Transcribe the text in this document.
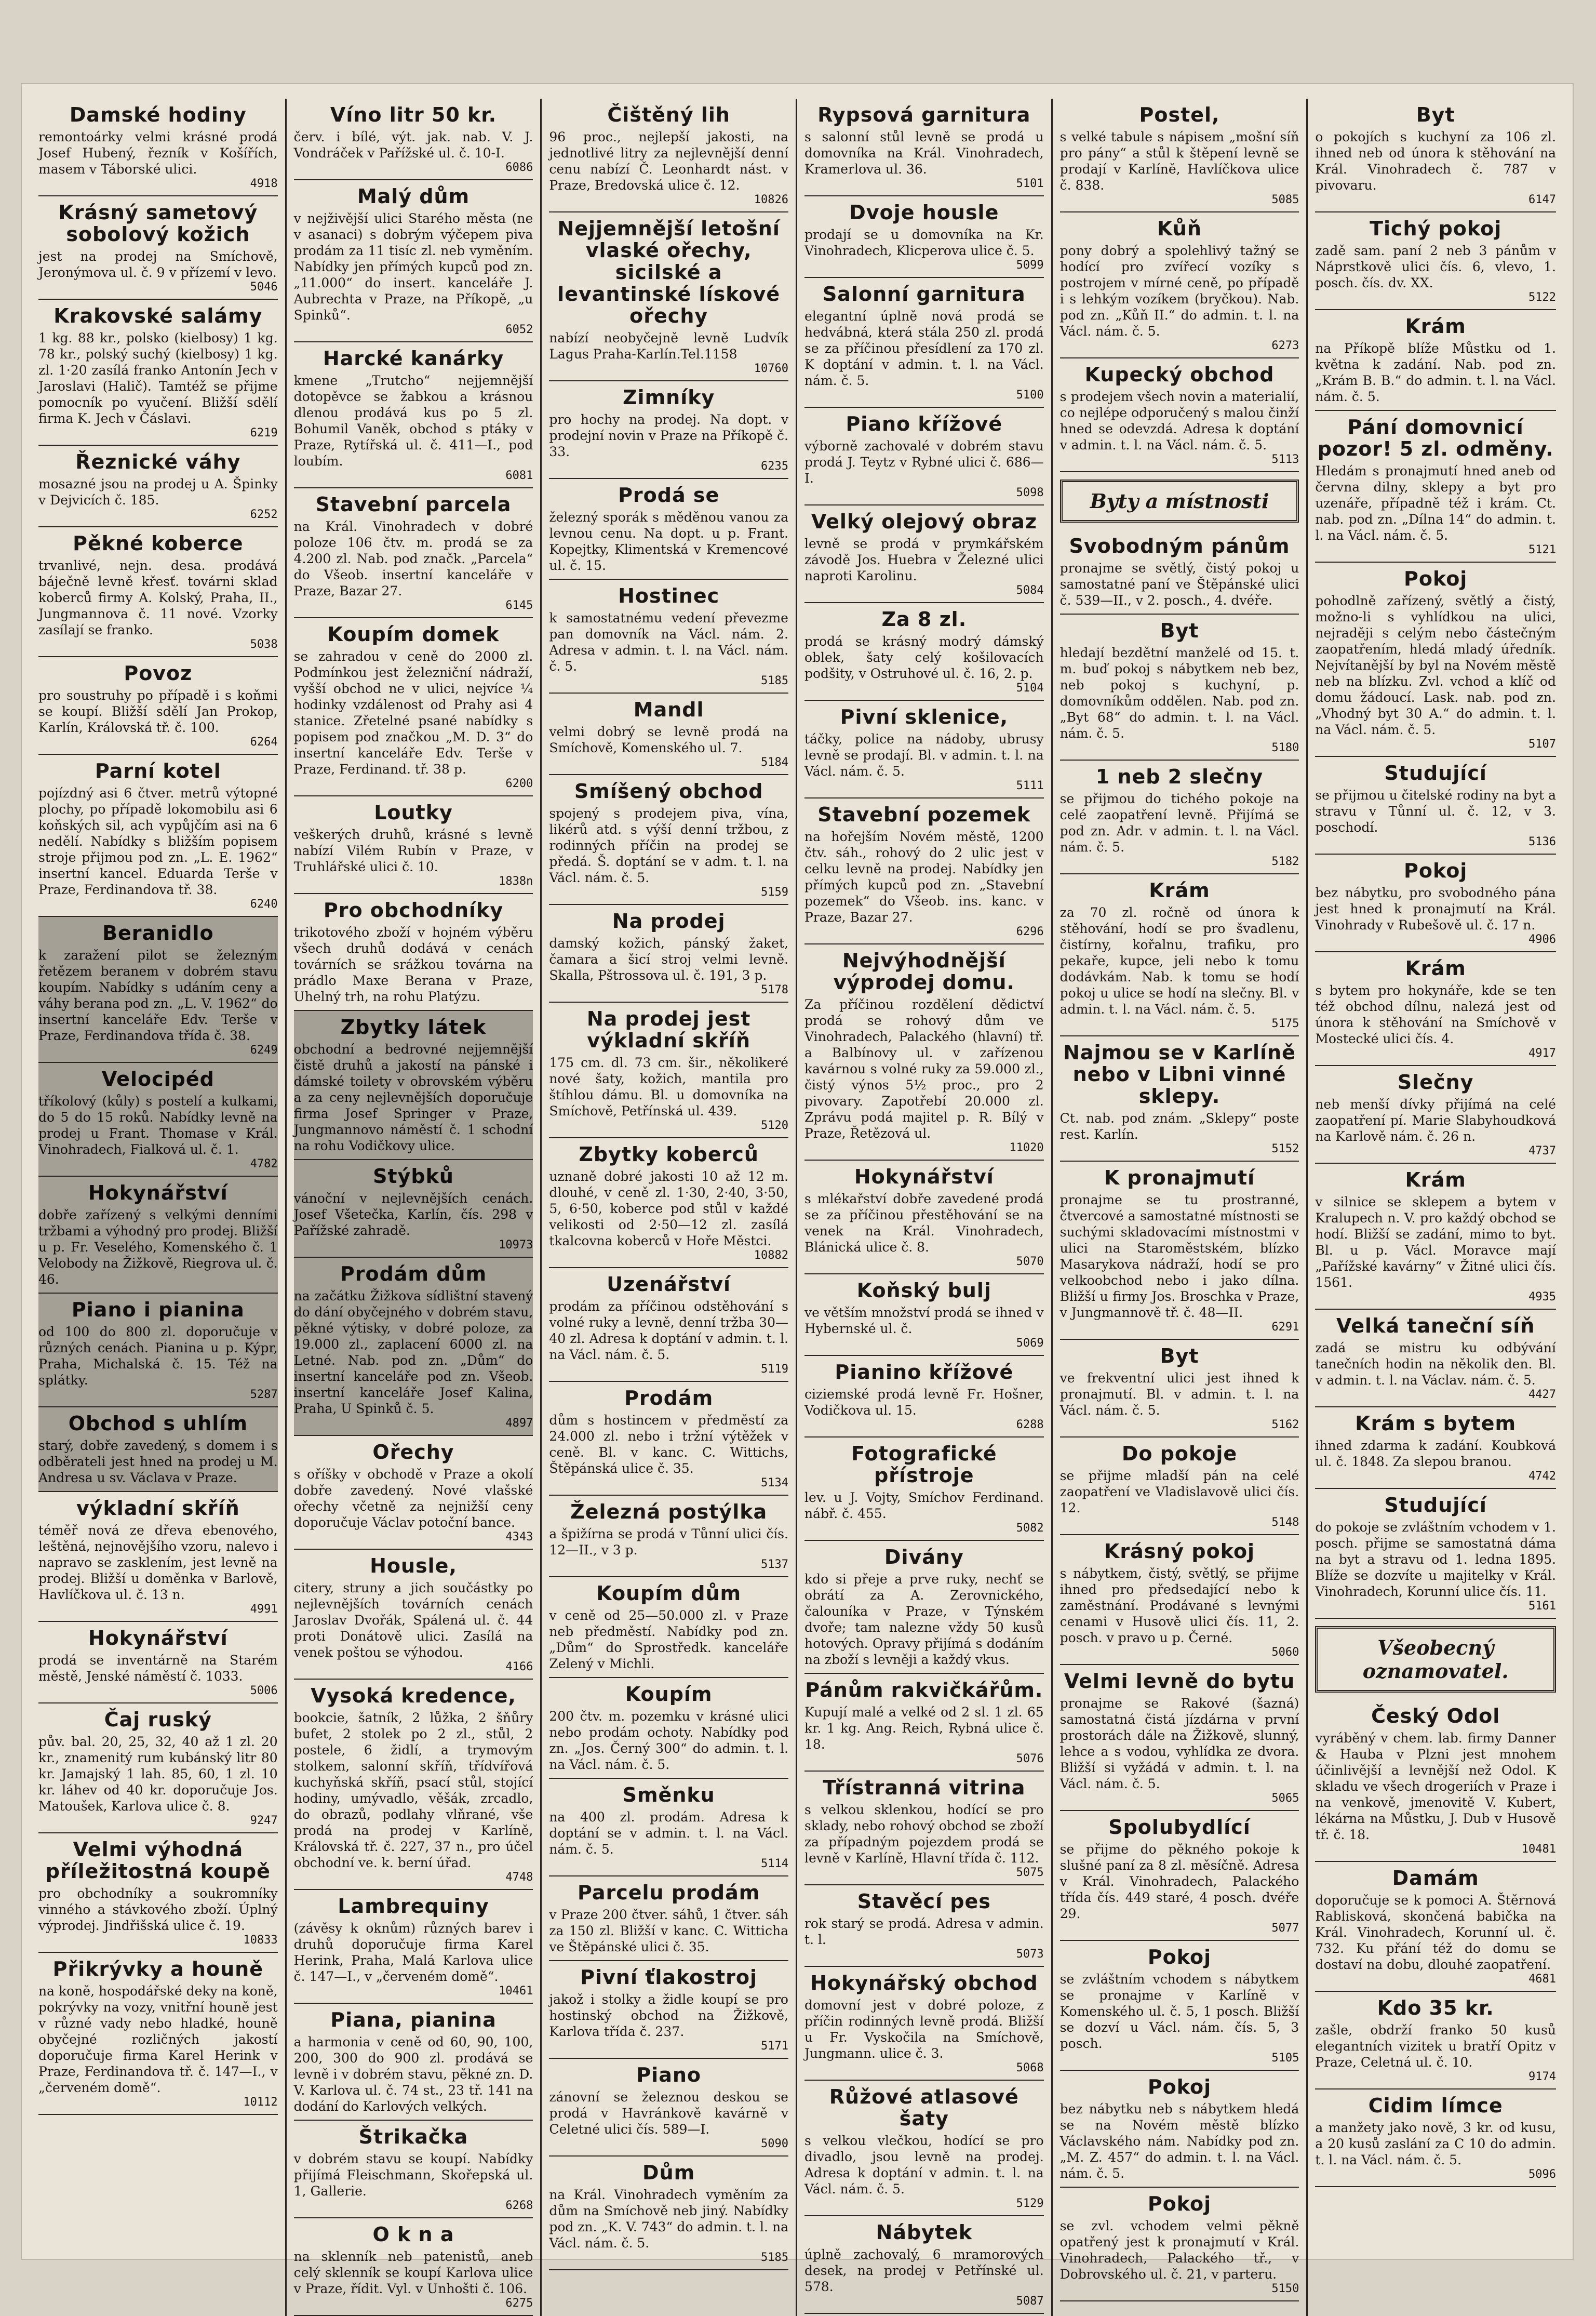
Damské hodiny
remontoárky velmi krásné prodá Josef Hubený, řezník v Košířích, masem v Táborské ulici.
4918
Krásný sametový sobolový kožich
jest na prodej na Smíchově, Jeronýmova ul. č. 9 v přízemí v levo.
5046
Krakovské salámy
1 kg. 88 kr., polsko (kielbosy) 1 kg. 78 kr., polský suchý (kielbosy) 1 kg. zl. 1·20 zasílá franko Antonín Jech v Jaroslavi (Halič). Tamtéž se přijme pomocník po vyučení. Bližší sdělí firma K. Jech v Čáslavi.
6219
Řeznické váhy
mosazné jsou na prodej u A. Špinky v Dejvicích č. 185.
6252
Pěkné koberce
trvanlivé, nejn. desa. prodává báječně levně křesť. továrni sklad koberců firmy A. Kolský, Praha, II., Jungmannova č. 11 nové. Vzorky zasílají se franko.
5038
Povoz
pro soustruhy po případě i s koňmi se koupí. Bližší sdělí Jan Prokop, Karlín, Královská tř. č. 100.
6264
Parní kotel
pojízdný asi 6 čtver. metrů výtopné plochy, po případě lokomobilu asi 6 koňských sil, ach vypůjčím asi na 6 nedělí. Nabídky s bližším popisem stroje přijmou pod zn. „L. E. 1962“ insertní kancel. Eduarda Terše v Praze, Ferdinandova tř. 38.
6240
Beranidlo
k zaražení pilot se železným řetězem beranem v dobrém stavu koupím. Nabídky s udáním ceny a váhy berana pod zn. „L. V. 1962“ do insertní kanceláře Edv. Terše v Praze, Ferdinandova třída č. 38.
6249
Velocipéd
tříkolový (kůly) s postelí a kulkami, do 5 do 15 roků. Nabídky levně na prodej u Frant. Thomase v Král. Vinohradech, Fialková ul. č. 1.
4782
Hokynářství
dobře zařízený s velkými denními tržbami a výhodný pro prodej. Bližší u p. Fr. Veselého, Komenského č. 1 Velobody na Žižkově, Riegrova ul. č. 46.
Piano i pianina
od 100 do 800 zl. doporučuje v různých cenách. Pianina u p. Kýpr, Praha, Michalská č. 15. Též na splátky.
5287
Obchod s uhlím
starý, dobře zavedený, s domem i s odběrateli jest hned na prodej u M. Andresa u sv. Václava v Praze.
výkladní skříň
téměř nová ze dřeva ebenového, leštěná, nejnovějšího vzoru, nalevo i napravo se zasklením, jest levně na prodej. Bližší u doměnka v Barlově, Havlíčkova ul. č. 13 n.
4991
Hokynářství
prodá se inventárně na Starém městě, Jenské náměstí č. 1033.
5006
Čaj ruský
pův. bal. 20, 25, 32, 40 až 1 zl. 20 kr., znamenitý rum kubánský litr 80 kr. Jamajský 1 lah. 85, 60, 1 zl. 10 kr. láhev od 40 kr. doporučuje Jos. Matoušek, Karlova ulice č. 8.
9247
Velmi výhodná příležitostná koupě
pro obchodníky a soukromníky vinného a stávkového zboží. Úplný výprodej. Jindřišská ulice č. 19.
10833
Přikrývky a houně
na koně, hospodářské deky na koně, pokrývky na vozy, vnitřní houně jest v různé vady nebo hladké, houně obyčejné rozličných jakostí doporučuje firma Karel Herink v Praze, Ferdinandova tř. č. 147—I., v „červeném domě“.
10112
Víno litr 50 kr.
červ. i bílé, výt. jak. nab. V. J. Vondráček v Pařížské ul. č. 10-I.
6086
Malý dům
v nejživější ulici Starého města (ne v asanaci) s dobrým výčepem piva prodám za 11 tisíc zl. neb vyměním. Nabídky jen přímých kupců pod zn. „11.000“ do insert. kanceláře J. Aubrechta v Praze, na Příkopě, „u Spinků“.
6052
Harcké kanárky
kmene „Trutcho“ nejjemnější dotopěvce se žabkou a krásnou dlenou prodává kus po 5 zl. Bohumil Vaněk, obchod s ptáky v Praze, Rytířská ul. č. 411—I., pod loubím.
6081
Stavební parcela
na Král. Vinohradech v dobré poloze 106 čtv. m. prodá se za 4.200 zl. Nab. pod značk. „Parcela“ do Všeob. insertní kanceláře v Praze, Bazar 27.
6145
Koupím domek
se zahradou v ceně do 2000 zl. Podmínkou jest železniční nádraží, vyšší obchod ne v ulici, nejvíce ¼ hodinky vzdálenost od Prahy asi 4 stanice. Zřetelné psané nabídky s popisem pod značkou „M. D. 3“ do insertní kanceláře Edv. Terše v Praze, Ferdinand. tř. 38 p.
6200
Loutky
veškerých druhů, krásné s levně nabízí Vilém Rubín v Praze, v Truhlářské ulici č. 10.
1838n
Pro obchodníky
trikotového zboží v hojném výběru všech druhů dodává v cenách továrních se srážkou továrna na prádlo Maxe Berana v Praze, Uhelný trh, na rohu Platýzu.
Zbytky látek
obchodní a bedrovné nejjemnější čistě druhů a jakostí na pánské i dámské toilety v obrovském výběru a za ceny nejlevnějších doporučuje firma Josef Springer v Praze, Jungmannovo náměstí č. 1 schodní na rohu Vodičkovy ulice.
Stýbků
vánoční v nejlevnějších cenách. Josef Všetečka, Karlín, čís. 298 v Pařížské zahradě.
10973
Prodám dům
na začátku Žižkova sídlištní stavený do dání obyčejného v dobrém stavu, pěkné výtisky, v dobré poloze, za 19.000 zl., zaplacení 6000 zl. na Letné. Nab. pod zn. „Dům“ do insertní kanceláře pod zn. Všeob. insertní kanceláře Josef Kalina, Praha, U Spinků č. 5.
4897
Ořechy
s oříšky v obchodě v Praze a okolí dobře zavedený. Nové vlašské ořechy včetně za nejnižší ceny doporučuje Václav potoční bance.
4343
Housle,
citery, struny a jich součástky po nejlevnějších továrních cenách Jaroslav Dvořák, Spálená ul. č. 44 proti Donátově ulici. Zasílá na venek poštou se výhodou.
4166
Vysoká kredence,
bookcie, šatník, 2 lůžka, 2 šňůry bufet, 2 stolek po 2 zl., stůl, 2 postele, 6 židlí, a trymovým stolkem, salonní skříň, třídvířová kuchyňská skříň, psací stůl, stojící hodiny, umývadlo, věšák, zrcadlo, do obrazů, podlahy vlňrané, vše prodá na prodej v Karlíně, Královská tř. č. 227, 37 n., pro účel obchodní ve. k. berní úřad.
4748
Lambrequiny
(závěsy k oknům) různých barev i druhů doporučuje firma Karel Herink, Praha, Malá Karlova ulice č. 147—I., v „červeném domě“.
10461
Piana, pianina
a harmonia v ceně od 60, 90, 100, 200, 300 do 900 zl. prodává se levně i v dobrém stavu, pěkné zn. D. V. Karlova ul. č. 74 st., 23 tř. 141 na dodání do Karlových velkých.
Štrikačka
v dobrém stavu se koupí. Nabídky přijímá Fleischmann, Skořepská ul. 1, Gallerie.
6268
O k n a
na sklenník neb patenistů, aneb celý sklenník se koupí Karlova ulice v Praze, řídit. Vyl. v Unhošti č. 106.
6275
Čištěný lih
96 proc., nejlepší jakosti, na jednotlivé litry za nejlevnější denní cenu nabízí Č. Leonhardt nást. v Praze, Bredovská ulice č. 12.
10826
Nejjemnější letošní vlaské ořechy, sicilské a levantinské lískové ořechy
nabízí neobyčejně levně Ludvík Lagus Praha-Karlín.Tel.1158
10760
Zimníky
pro hochy na prodej. Na dopt. v prodejní novin v Praze na Příkopě č. 33.
6235
Prodá se
železný sporák s měděnou vanou za levnou cenu. Na dopt. u p. Frant. Kopejtky, Klimentská v Kremencové ul. č. 15.
Hostinec
k samostatnému vedení převezme pan domovník na Václ. nám. 2. Adresa v admin. t. l. na Václ. nám. č. 5.
5185
Mandl
velmi dobrý se levně prodá na Smíchově, Komenského ul. 7.
5184
Smíšený obchod
spojený s prodejem piva, vína, likérů atd. s výší denní tržbou, z rodinných příčin na prodej se předá. Š. doptání se v adm. t. l. na Václ. nám. č. 5.
5159
Na prodej
damský kožich, pánský žaket, čamara a šicí stroj velmi levně. Skalla, Pštrossova ul. č. 191, 3 p.
5178
Na prodej jest výkladní skříň
175 cm. dl. 73 cm. šir., několikeré nové šaty, kožich, mantila pro štíhlou dámu. Bl. u domovníka na Smíchově, Petřínská ul. 439.
5120
Zbytky koberců
uznaně dobré jakosti 10 až 12 m. dlouhé, v ceně zl. 1·30, 2·40, 3·50, 5, 6·50, koberce pod stůl v každé velikosti od 2·50—12 zl. zasílá tkalcovna koberců v Hoře Městci.
10882
Uzenářství
prodám za příčinou odstěhování s volné ruky a levně, denní tržba 30—40 zl. Adresa k doptání v admin. t. l. na Václ. nám. č. 5.
5119
Prodám
dům s hostincem v předměstí za 24.000 zl. nebo i tržní výtěžek v ceně. Bl. v kanc. C. Wittichs, Štěpánská ulice č. 35.
5134
Železná postýlka
a špižírna se prodá v Tůnní ulici čís. 12—II., v 3 p.
5137
Koupím dům
v ceně od 25—50.000 zl. v Praze neb předměstí. Nabídky pod zn. „Dům“ do Sprostředk. kanceláře Zelený v Michli.
Koupím
200 čtv. m. pozemku v krásné ulici nebo prodám ochoty. Nabídky pod zn. „Jos. Černý 300“ do admin. t. l. na Václ. nám. č. 5.
Směnku
na 400 zl. prodám. Adresa k doptání se v admin. t. l. na Václ. nám. č. 5.
5114
Parcelu prodám
v Praze 200 čtver. sáhů, 1 čtver. sáh za 150 zl. Bližší v kanc. C. Witticha ve Štěpánské ulici č. 35.
Pivní ťlakostroj
jakož i stolky a židle koupí se pro hostinský obchod na Žižkově, Karlova třída č. 237.
5171
Piano
zánovní se železnou deskou se prodá v Havránkově kavárně v Celetné ulici čís. 589—I.
5090
Dům
na Král. Vinohradech vyměním za dům na Smíchově neb jiný. Nabídky pod zn. „K. V. 743“ do admin. t. l. na Václ. nám. č. 5.
5185
Rypsová garnitura
s salonní stůl levně se prodá u domovníka na Král. Vinohradech, Kramerlova ul. 36.
5101
Dvoje housle
prodají se u domovníka na Kr. Vinohradech, Klicperova ulice č. 5.
5099
Salonní garnitura
elegantní úplně nová prodá se hedvábná, která stála 250 zl. prodá se za příčinou přesídlení za 170 zl. K doptání v admin. t. l. na Václ. nám. č. 5.
5100
Piano křížové
výborně zachovalé v dobrém stavu prodá J. Teytz v Rybné ulici č. 686—I.
5098
Velký olejový obraz
levně se prodá v prymkářském závodě Jos. Huebra v Železné ulici naproti Karolinu.
5084
Za 8 zl.
prodá se krásný modrý dámský oblek, šaty celý košilovacích podšity, v Ostruhové ul. č. 16, 2. p.
5104
Pivní sklenice,
táčky, police na nádoby, ubrusy levně se prodají. Bl. v admin. t. l. na Václ. nám. č. 5.
5111
Stavební pozemek
na hořejším Novém městě, 1200 čtv. sáh., rohový do 2 ulic jest v celku levně na prodej. Nabídky jen přímých kupců pod zn. „Stavební pozemek“ do Všeob. ins. kanc. v Praze, Bazar 27.
6296
Nejvýhodnější výprodej domu.
Za příčinou rozdělení dědictví prodá se rohový dům ve Vinohradech, Palackého (hlavní) tř. a Balbínovy ul. v zařízenou kavárnou s volné ruky za 59.000 zl., čistý výnos 5½ proc., pro 2 pivovary. Zapotřebí 20.000 zl. Zprávu podá majitel p. R. Bílý v Praze, Řetězová ul.
11020
Hokynářství
s mlékařství dobře zavedené prodá se za příčinou přestěhování se na venek na Král. Vinohradech, Blánická ulice č. 8.
5070
Koňský bulj
ve větším množství prodá se ihned v Hybernské ul. č.
5069
Pianino křížové
ciziemské prodá levně Fr. Hošner, Vodičkova ul. 15.
6288
Fotografické přístroje
lev. u J. Vojty, Smíchov Ferdinand. nábř. č. 455.
5082
Divány
kdo si přeje a prve ruky, nechť se obrátí za A. Zerovnického, čalouníka v Praze, v Týnském dvoře; tam nalezne vždy 50 kusů hotových. Opravy přijímá s dodáním na zboží s levněji a každý vkus.
Pánům rakvičkářům.
Kupují malé a velké od 2 sl. 1 zl. 65 kr. 1 kg. Ang. Reich, Rybná ulice č. 18.
5076
Třístranná vitrina
s velkou sklenkou, hodící se pro sklady, nebo rohový obchod se zboží za případným pojezdem prodá se levně v Karlíně, Hlavní třída č. 112.
5075
Stavěcí pes
rok starý se prodá. Adresa v admin. t. l.
5073
Hokynářský obchod
domovní jest v dobré poloze, z příčin rodinných levně prodá. Bližší u Fr. Vyskočila na Smíchově, Jungmann. ulice č. 3.
5068
Růžové atlasové šaty
s velkou vlečkou, hodící se pro divadlo, jsou levně na prodej. Adresa k doptání v admin. t. l. na Václ. nám. č. 5.
5129
Nábytek
úplně zachovalý, 6 mramorových desek, na prodej v Petřínské ul. 578.
5087
Postel,
s velké tabule s nápisem „mošní síň pro pány“ a stůl k štěpení levně se prodají v Karlíně, Havlíčkova ulice č. 838.
5085
Kůň
pony dobrý a spolehlivý tažný se hodící pro zvířecí vozíky s postrojem v mírné ceně, po případě i s lehkým vozíkem (bryčkou). Nab. pod zn. „Kůň II.“ do admin. t. l. na Václ. nám. č. 5.
6273
Kupecký obchod
s prodejem všech novin a materialií, co nejlépe odporučený s malou činží hned se odevzdá. Adresa k doptání v admin. t. l. na Václ. nám. č. 5.
5113
Byty a místnosti
Svobodným pánům
pronajme se světlý, čistý pokoj u samostatné paní ve Štěpánské ulici č. 539—II., v 2. posch., 4. dvéře.
Byt
hledají bezdětní manželé od 15. t. m. buď pokoj s nábytkem neb bez, neb pokoj s kuchyní, p. domovníkům oddělen. Nab. pod zn. „Byt 68“ do admin. t. l. na Václ. nám. č. 5.
5180
1 neb 2 slečny
se přijmou do tichého pokoje na celé zaopatření levně. Přijímá se pod zn. Adr. v admin. t. l. na Václ. nám. č. 5.
5182
Krám
za 70 zl. ročně od února k stěhování, hodí se pro švadlenu, čistírny, kořalnu, trafiku, pro pekaře, kupce, jeli nebo k tomu dodávkám. Nab. k tomu se hodí pokoj u ulice se hodí na slečny. Bl. v admin. t. l. na Václ. nám. č. 5.
5175
Najmou se v Karlíně nebo v Libni vinné sklepy.
Ct. nab. pod znám. „Sklepy“ poste rest. Karlín.
5152
K pronajmutí
pronajme se tu prostranné, čtvercové a samostatné místnosti se suchými skladovacími místnostmi v ulici na Staroměstském, blízko Masarykova nádraží, hodí se pro velkoobchod nebo i jako dílna. Bližší u firmy Jos. Broschka v Praze, v Jungmannově tř. č. 48—II.
6291
Byt
ve frekventní ulici jest ihned k pronajmutí. Bl. v admin. t. l. na Václ. nám. č. 5.
5162
Do pokoje
se přijme mladší pán na celé zaopatření ve Vladislavově ulici čís. 12.
5148
Krásný pokoj
s nábytkem, čistý, světlý, se přijme ihned pro předsedající nebo k zaměstnání. Prodávané s levnými cenami v Husově ulici čís. 11, 2. posch. v pravo u p. Černé.
5060
Velmi levně do bytu
pronajme se Rakové (šazná) samostatná čistá jízdárna v první prostorách dále na Žižkově, slunný, lehce a s vodou, vyhlídka ze dvora. Bližší si vyžádá v admin. t. l. na Václ. nám. č. 5.
5065
Spolubydlící
se přijme do pěkného pokoje k slušné paní za 8 zl. měsíčně. Adresa v Král. Vinohradech, Palackého třída čís. 449 staré, 4 posch. dvéře 29.
5077
Pokoj
se zvláštním vchodem s nábytkem se pronajme v Karlíně v Komenského ul. č. 5, 1 posch. Bližší se dozví u Václ. nám. čís. 5, 3 posch.
5105
Pokoj
bez nábytku neb s nábytkem hledá se na Novém městě blízko Václavského nám. Nabídky pod zn. „M. Z. 457“ do admin. t. l. na Václ. nám. č. 5.
Pokoj
se zvl. vchodem velmi pěkně opatřený jest k pronajmutí v Král. Vinohradech, Palackého tř., v Dobrovského ul. č. 21, v parteru.
5150
Byt
o pokojích s kuchyní za 106 zl. ihned neb od února k stěhování na Král. Vinohradech č. 787 v pivovaru.
6147
Tichý pokoj
zadě sam. paní 2 neb 3 pánům v Náprstkově ulici čís. 6, vlevo, 1. posch. čís. dv. XX.
5122
Krám
na Příkopě blíže Můstku od 1. května k zadání. Nab. pod zn. „Krám B. B.“ do admin. t. l. na Václ. nám. č. 5.
Pání domovnicí pozor! 5 zl. odměny.
Hledám s pronajmutí hned aneb od června dilny, sklepy a byt pro uzenáře, případně též i krám. Ct. nab. pod zn. „Dílna 14“ do admin. t. l. na Václ. nám. č. 5.
5121
Pokoj
pohodlně zařízený, světlý a čistý, možno-li s vyhlídkou na ulici, nejraději s celým nebo částečným zaopatřením, hledá mladý úředník. Nejvítanější by byl na Novém městě neb na blízku. Zvl. vchod a klíč od domu žádoucí. Lask. nab. pod zn. „Vhodný byt 30 A.“ do admin. t. l. na Václ. nám. č. 5.
5107
Studující
se přijmou u čitelské rodiny na byt a stravu v Tůnní ul. č. 12, v 3. poschodí.
5136
Pokoj
bez nábytku, pro svobodného pána jest hned k pronajmutí na Král. Vinohrady v Rubešově ul. č. 17 n.
4906
Krám
s bytem pro hokynáře, kde se ten též obchod dílnu, nalezá jest od února k stěhování na Smíchově v Mostecké ulici čís. 4.
4917
Slečny
neb menší dívky přijímá na celé zaopatření pí. Marie Slabyhoudková na Karlově nám. č. 26 n.
4737
Krám
v silnice se sklepem a bytem v Kralupech n. V. pro každý obchod se hodí. Bližší se zadání, mimo to byt. Bl. u p. Václ. Moravce mají „Pařížské kavárny“ v Žitné ulici čís. 1561.
4935
Velká taneční síň
zadá se mistru ku odbývání tanečních hodin na několik den. Bl. v admin. t. l. na Václav. nám. č. 5.
4427
Krám s bytem
ihned zdarma k zadání. Koubková ul. č. 1848. Za slepou branou.
4742
Studující
do pokoje se zvláštním vchodem v 1. posch. přijme se samostatná dáma na byt a stravu od 1. ledna 1895. Blíže se dozvíte u majitelky v Král. Vinohradech, Korunní ulice čís. 11.
5161
Všeobecný oznamovatel.
Český Odol
vyráběný v chem. lab. firmy Danner & Hauba v Plzni jest mnohem účinlivější a levnější než Odol. K skladu ve všech drogeriích v Praze i na venkově, jmenovitě V. Kubert, lékárna na Můstku, J. Dub v Husově tř. č. 18.
10481
Damám
doporučuje se k pomoci A. Štěrnová Rablisková, skončená babička na Král. Vinohradech, Korunní ul. č. 732. Ku přání též do domu se dostaví na dobu, dlouhé zaopatření.
4681
Kdo 35 kr.
zašle, obdrží franko 50 kusů elegantních vizitek u bratří Opitz v Praze, Celetná ul. č. 10.
9174
Cidim límce
a manžety jako nově, 3 kr. od kusu, a 20 kusů zaslání za C 10 do admin. t. l. na Václ. nám. č. 5.
5096
